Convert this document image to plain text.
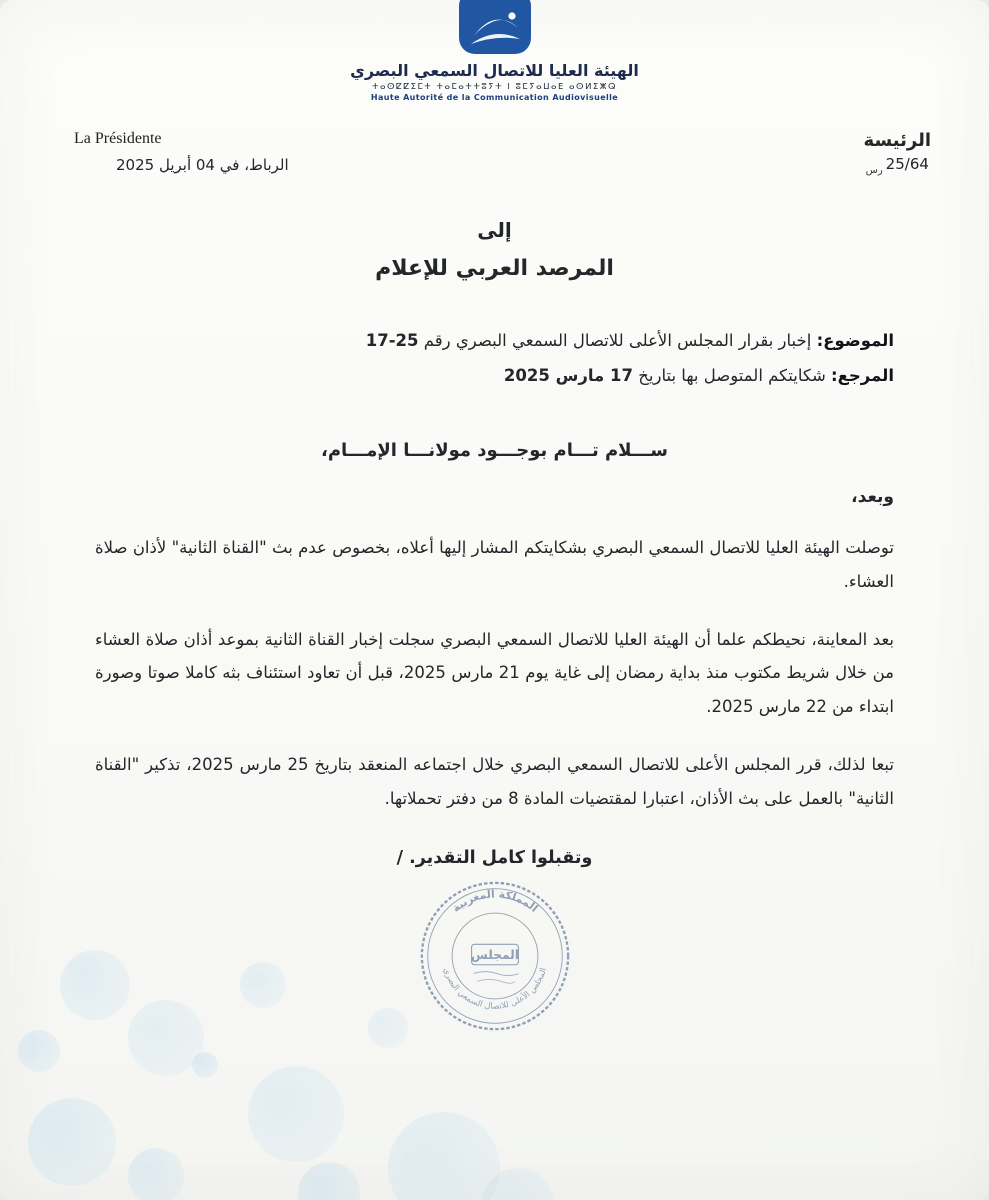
الهيئة العليا للاتصال السمعي البصري
ⵜⴰⵙⵇⵇⵉⵎⵜ ⵜⴰⵎⴰⵜⵜⵓⵢⵜ ⵏ ⵓⵎⵢⴰⵡⴰⴹ ⴰⵙⵍⵉⵥⵕ
Haute Autorité de la Communication Audiovisuelle
La Présidente
الرباط، في 04 أبريل 2025
الرئيسة
$25/64_{رس}$
إلى
المرصد العربي للإعلام
الموضوع: إخبار بقرار المجلس الأعلى للاتصال السمعي البصري رقم 17-25
المرجع: شكايتكم المتوصل بها بتاريخ 17 مارس 2025
ســـلام تـــام بوجـــود مولانـــا الإمـــام،
وبعد،

توصلت الهيئة العليا للاتصال السمعي البصري بشكايتكم المشار إليها أعلاه، بخصوص عدم بث "القناة الثانية" لأذان صلاة العشاء.

بعد المعاينة، نحيطكم علما أن الهيئة العليا للاتصال السمعي البصري سجلت إخبار القناة الثانية بموعد أذان صلاة العشاء من خلال شريط مكتوب منذ بداية رمضان إلى غاية يوم 21 مارس 2025، قبل أن تعاود استئناف بثه كاملا صوتا وصورة ابتداء من 22 مارس 2025.

تبعا لذلك، قرر المجلس الأعلى للاتصال السمعي البصري خلال اجتماعه المنعقد بتاريخ 25 مارس 2025، تذكير "القناة الثانية" بالعمل على بث الأذان، اعتبارا لمقتضيات المادة 8 من دفتر تحملاتها.

وتقبلوا كامل التقدير. /
المملكة المغربية
المجلس الأعلى للاتصال السمعي البصري
المجلس
